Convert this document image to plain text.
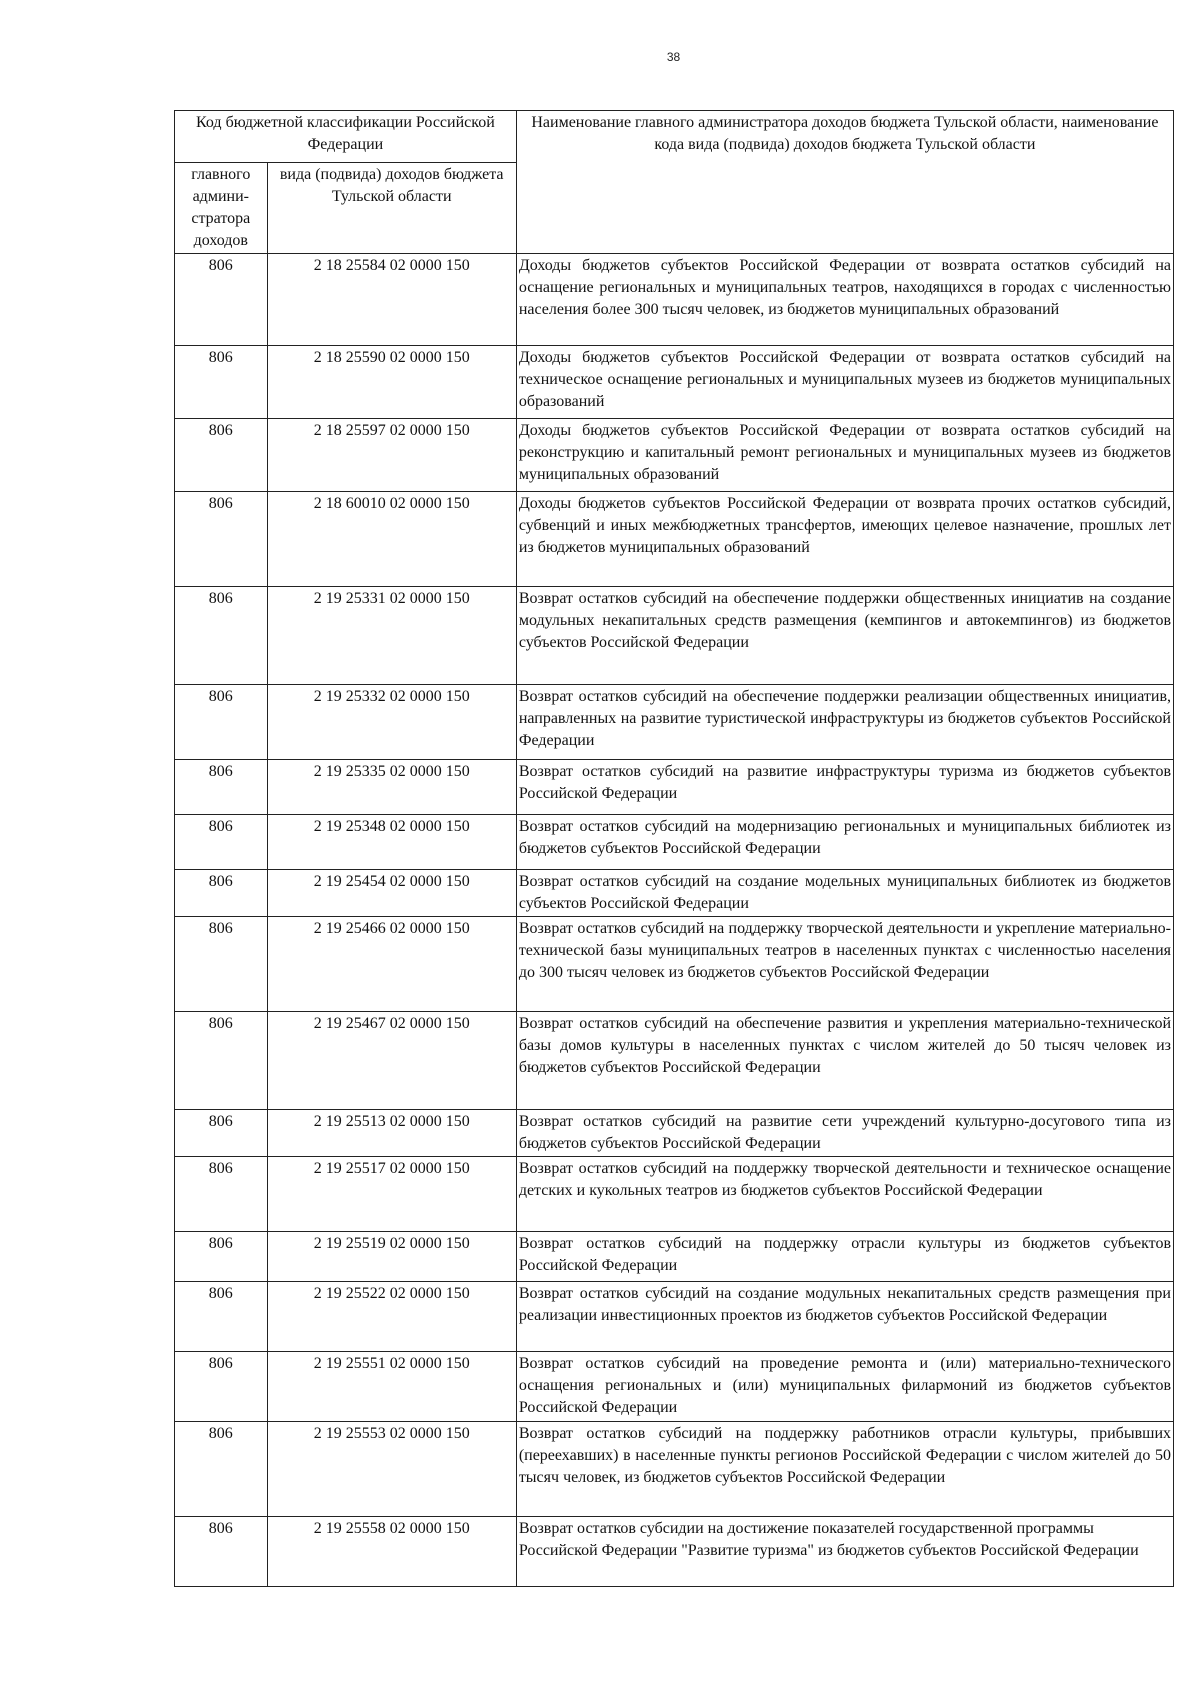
38
Код бюджетной классификации Российской Федерации		Наименование главного администратора доходов бюджета Тульской области, наименование кода вида (подвида) доходов бюджета Тульской области
главного админи-стратора доходов	вида (подвида) доходов бюджета Тульской области	
806	2 18 25584 02 0000 150	Доходы бюджетов субъектов Российской Федерации от возврата остатков субсидий на оснащение региональных и муниципальных театров, находящихся в городах с численностью населения более 300 тысяч человек, из бюджетов муниципальных образований
806	2 18 25590 02 0000 150	Доходы бюджетов субъектов Российской Федерации от возврата остатков субсидий на техническое оснащение региональных и муниципальных музеев из бюджетов муниципальных образований
806	2 18 25597 02 0000 150	Доходы бюджетов субъектов Российской Федерации от возврата остатков субсидий на реконструкцию и капитальный ремонт региональных и муниципальных музеев из бюджетов муниципальных образований
806	2 18 60010 02 0000 150	Доходы бюджетов субъектов Российской Федерации от возврата прочих остатков субсидий, субвенций и иных межбюджетных трансфертов, имеющих целевое назначение, прошлых лет из бюджетов муниципальных образований
806	2 19 25331 02 0000 150	Возврат остатков субсидий на обеспечение поддержки общественных инициатив на создание модульных некапитальных средств размещения (кемпингов и автокемпингов) из бюджетов субъектов Российской Федерации
806	2 19 25332 02 0000 150	Возврат остатков субсидий на обеспечение поддержки реализации общественных инициатив, направленных на развитие туристической инфраструктуры из бюджетов субъектов Российской Федерации
806	2 19 25335 02 0000 150	Возврат остатков субсидий на развитие инфраструктуры туризма из бюджетов субъектов Российской Федерации
806	2 19 25348 02 0000 150	Возврат остатков субсидий на модернизацию региональных и муниципальных библиотек из бюджетов субъектов Российской Федерации
806	2 19 25454 02 0000 150	Возврат остатков субсидий на создание модельных муниципальных библиотек из бюджетов субъектов Российской Федерации
806	2 19 25466 02 0000 150	Возврат остатков субсидий на поддержку творческой деятельности и укрепление материально-технической базы муниципальных театров в населенных пунктах с численностью населения до 300 тысяч человек из бюджетов субъектов Российской Федерации
806	2 19 25467 02 0000 150	Возврат остатков субсидий на обеспечение развития и укрепления материально-технической базы домов культуры в населенных пунктах с числом жителей до 50 тысяч человек из бюджетов субъектов Российской Федерации
806	2 19 25513 02 0000 150	Возврат остатков субсидий на развитие сети учреждений культурно-досугового типа из бюджетов субъектов Российской Федерации
806	2 19 25517 02 0000 150	Возврат остатков субсидий на поддержку творческой деятельности и техническое оснащение детских и кукольных театров из бюджетов субъектов Российской Федерации
806	2 19 25519 02 0000 150	Возврат остатков субсидий на поддержку отрасли культуры из бюджетов субъектов Российской Федерации
806	2 19 25522 02 0000 150	Возврат остатков субсидий на создание модульных некапитальных средств размещения при реализации инвестиционных проектов из бюджетов субъектов Российской Федерации
806	2 19 25551 02 0000 150	Возврат остатков субсидий на проведение ремонта и (или) материально-технического оснащения региональных и (или) муниципальных филармоний из бюджетов субъектов Российской Федерации
806	2 19 25553 02 0000 150	Возврат остатков субсидий на поддержку работников отрасли культуры, прибывших (переехавших) в населенные пункты регионов Российской Федерации с числом жителей до 50 тысяч человек, из бюджетов субъектов Российской Федерации
806	2 19 25558 02 0000 150	Возврат остатков субсидии на достижение показателей государственной программы Российской Федерации "Развитие туризма" из бюджетов субъектов Российской Федерации
